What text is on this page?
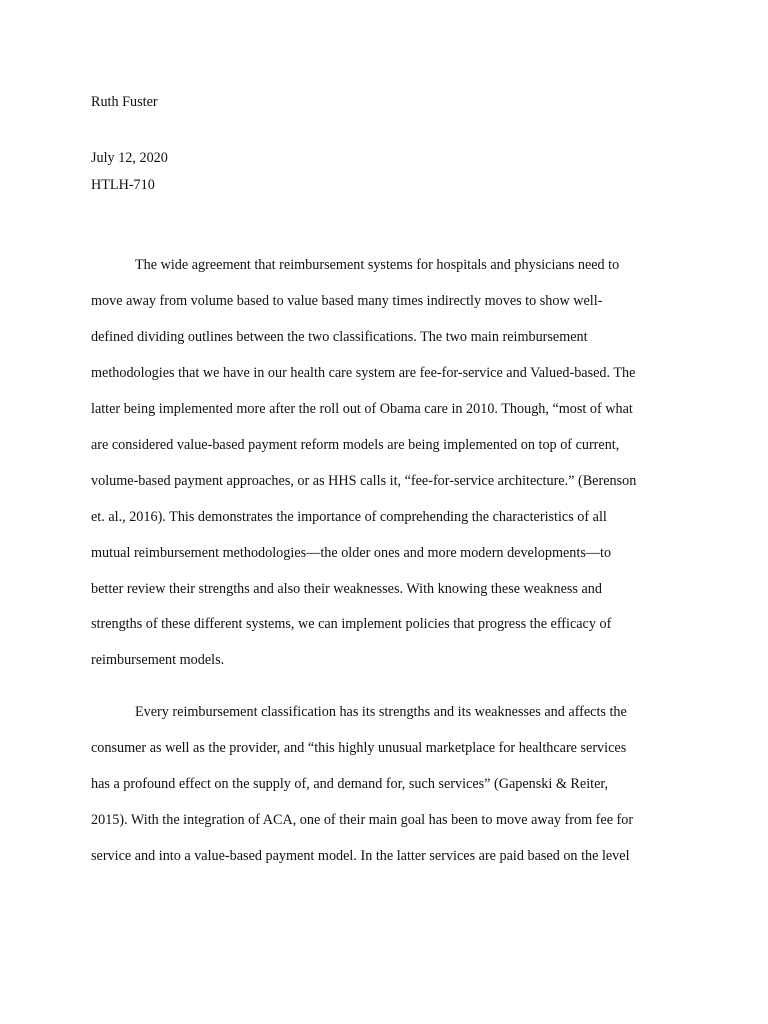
Ruth Fuster
July 12, 2020
HTLH-710
The wide agreement that reimbursement systems for hospitals and physicians need to
move away from volume based to value based many times indirectly moves to show well-
defined dividing outlines between the two classifications. The two main reimbursement
methodologies that we have in our health care system are fee-for-service and Valued-based. The
latter being implemented more after the roll out of Obama care in 2010. Though, “most of what
are considered value-based payment reform models are being implemented on top of current,
volume-based payment approaches, or as HHS calls it, “fee-for-service architecture.” (Berenson
et. al., 2016). This demonstrates the importance of comprehending the characteristics of all
mutual reimbursement methodologies—the older ones and more modern developments—to
better review their strengths and also their weaknesses. With knowing these weakness and
strengths of these different systems, we can implement policies that progress the efficacy of
reimbursement models.
Every reimbursement classification has its strengths and its weaknesses and affects the
consumer as well as the provider, and “this highly unusual marketplace for healthcare services
has a profound effect on the supply of, and demand for, such services” (Gapenski & Reiter,
2015). With the integration of ACA, one of their main goal has been to move away from fee for
service and into a value-based payment model. In the latter services are paid based on the level
